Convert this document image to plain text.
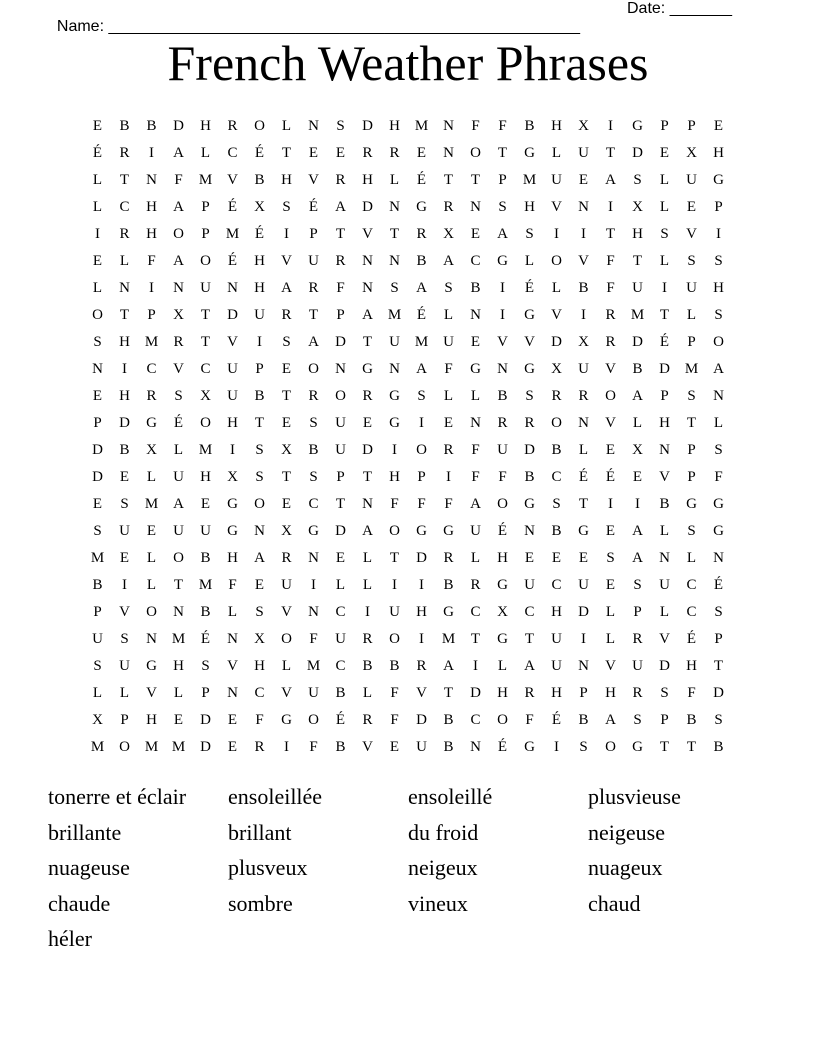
Name: _____________________________________________________

Date: _______

French Weather Phrases
E	B	B	D	H	R	O	L	N	S	D	H M N	F	F	B	H	X	I	G	P	P	E
É	R	I	A	L	C	É	T	E	E	R	R	E	N	O	T	G	L	U	T	D	E	X	H
L	T	N	F	M V	B	H	V	R	H	L	É	T	T	P	M U	E	A	S	L	U	G
L	C	H	A	P	É	X	S	É	A	D	N	G	R	N	S	H	V	N	I	X	L	E	P
I	R	H	O	P	M	É	I	P	T	V	T	R	X	E	A	S	I	I	T	H	S	V	I
E	L	F	A	O	É	H	V	U	R	N	N	B	A	C	G	L	O	V	F	T	L	S	S
L	N	I	N	U	N	H	A	R	F	N	S	A	S	B	I	É	L	B	F	U	I	U	H
O	T	P	X	T	D	U	R	T	P	A M	É	L	N	I	G	V	I	R	M	T	L	S
S	H M	R	T	V	I	S	A	D	T	U M U	E	V	V	D	X	R	D	É	P	O
N	I	C	V	C	U	P	E	O	N	G	N	A	F	G	N	G	X	U	V	B	D M A
E	H	R	S	X	U	B	T	R	O	R	G	S	L	L	B	S	R	R	O	A	P	S	N
P	D	G	É	O	H	T	E	S	U	E	G	I	E	N	R	R	O	N	V	L	H	T	L
D	B	X	L	M	I	S	X	B	U	D	I	O	R	F	U	D	B	L	E	X	N	P	S
D	E	L	U	H	X	S	T	S	P	T	H	P	I	F	F	B	C	É	É	E	V	P	F
E	S	M A	E	G	O	E	C	T	N	F	F	F	A	O	G	S	T	I	I	B	G	G
S	U	E	U	U	G	N	X	G	D	A	O	G	G	U	É	N	B	G	E	A	L	S	G
M	E	L	O	B	H	A	R	N	E	L	T	D	R	L	H	E	E	E	S	A	N	L	N
B	I	L	T	M	F	E	U	I	L	L	I	I	B	R	G	U	C	U	E	S	U	C	É
P	V	O	N	B	L	S	V	N	C	I	U	H	G	C	X	C	H	D	L	P	L	C	S
U	S	N M	É	N	X	O	F	U	R	O	I	M	T	G	T	U	I	L	R	V	É	P
S	U	G	H	S	V	H	L	M	C	B	B	R	A	I	L	A	U	N	V	U	D	H	T
L	L	V	L	P	N	C	V	U	B	L	F	V	T	D	H	R	H	P	H	R	S	F	D
X	P	H	E	D	E	F	G	O	É	R	F	D	B	C	O	F	É	B	A	S	P	B	S
M O M M D	E	R	I	F	B	V	E	U	B	N	É	G	I	S	O	G	T	T	B
tonerre et éclair	ensoleillée	ensoleillé	plusvieuse
brillante	brillant	du froid	neigeuse
nuageuse	plusveux	neigeux	nuageux
chaude	sombre	vineux	chaud
héler
